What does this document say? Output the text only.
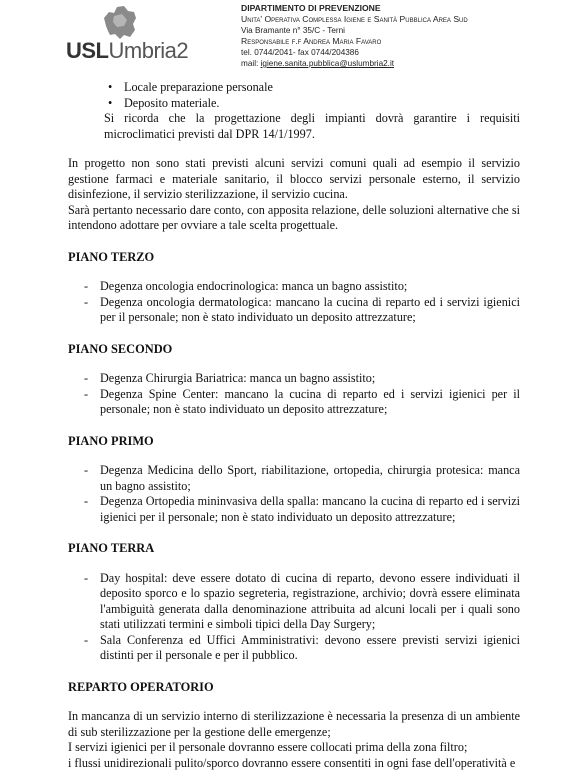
USLUmbria2
DIPARTIMENTO DI PREVENZIONE
Unita' Operativa Complessa Igiene e Sanità Pubblica Area Sud
Via Bramante n° 35/C - Terni
Responsabile f.f Andrea Maria Favaro
tel. 0744/2041- fax 0744/204386
mail: igiene.sanita.pubblica@uslumbria2.it
• Locale preparazione personale
• Deposito materiale.

Si ricorda che la progettazione degli impianti dovrà garantire i requisiti microclimatici previsti dal DPR 14/1/1997.

In progetto non sono stati previsti alcuni servizi comuni quali ad esempio il servizio gestione farmaci e materiale sanitario, il blocco servizi personale esterno, il servizio disinfezione, il servizio sterilizzazione, il servizio cucina.

Sarà pertanto necessario dare conto, con apposita relazione, delle soluzioni alternative che si intendono adottare per ovviare a tale scelta progettuale.

PIANO TERZO
- Degenza oncologia endocrinologica: manca un bagno assistito;
- Degenza oncologia dermatologica: mancano la cucina di reparto ed i servizi igienici per il personale; non è stato individuato un deposito attrezzature;
PIANO SECONDO
- Degenza Chirurgia Bariatrica: manca un bagno assistito;
- Degenza Spine Center: mancano la cucina di reparto ed i servizi igienici per il personale; non è stato individuato un deposito attrezzature;
PIANO PRIMO
- Degenza Medicina dello Sport, riabilitazione, ortopedia, chirurgia protesica: manca un bagno assistito;
- Degenza Ortopedia mininvasiva della spalla: mancano la cucina di reparto ed i servizi igienici per il personale; non è stato individuato un deposito attrezzature;
PIANO TERRA
- Day hospital: deve essere dotato di cucina di reparto, devono essere individuati il deposito sporco e lo spazio segreteria, registrazione, archivio; dovrà essere eliminata l'ambiguità generata dalla denominazione attribuita ad alcuni locali per i quali sono stati utilizzati termini e simboli tipici della Day Surgery;
- Sala Conferenza ed Uffici Amministrativi: devono essere previsti servizi igienici distinti per il personale e per il pubblico.
REPARTO OPERATORIO

In mancanza di un servizio interno di sterilizzazione è necessaria la presenza di un ambiente di sub sterilizzazione per la gestione delle emergenze;

I servizi igienici per il personale dovranno essere collocati prima della zona filtro;

i flussi unidirezionali pulito/sporco dovranno essere consentiti in ogni fase dell'operatività e
